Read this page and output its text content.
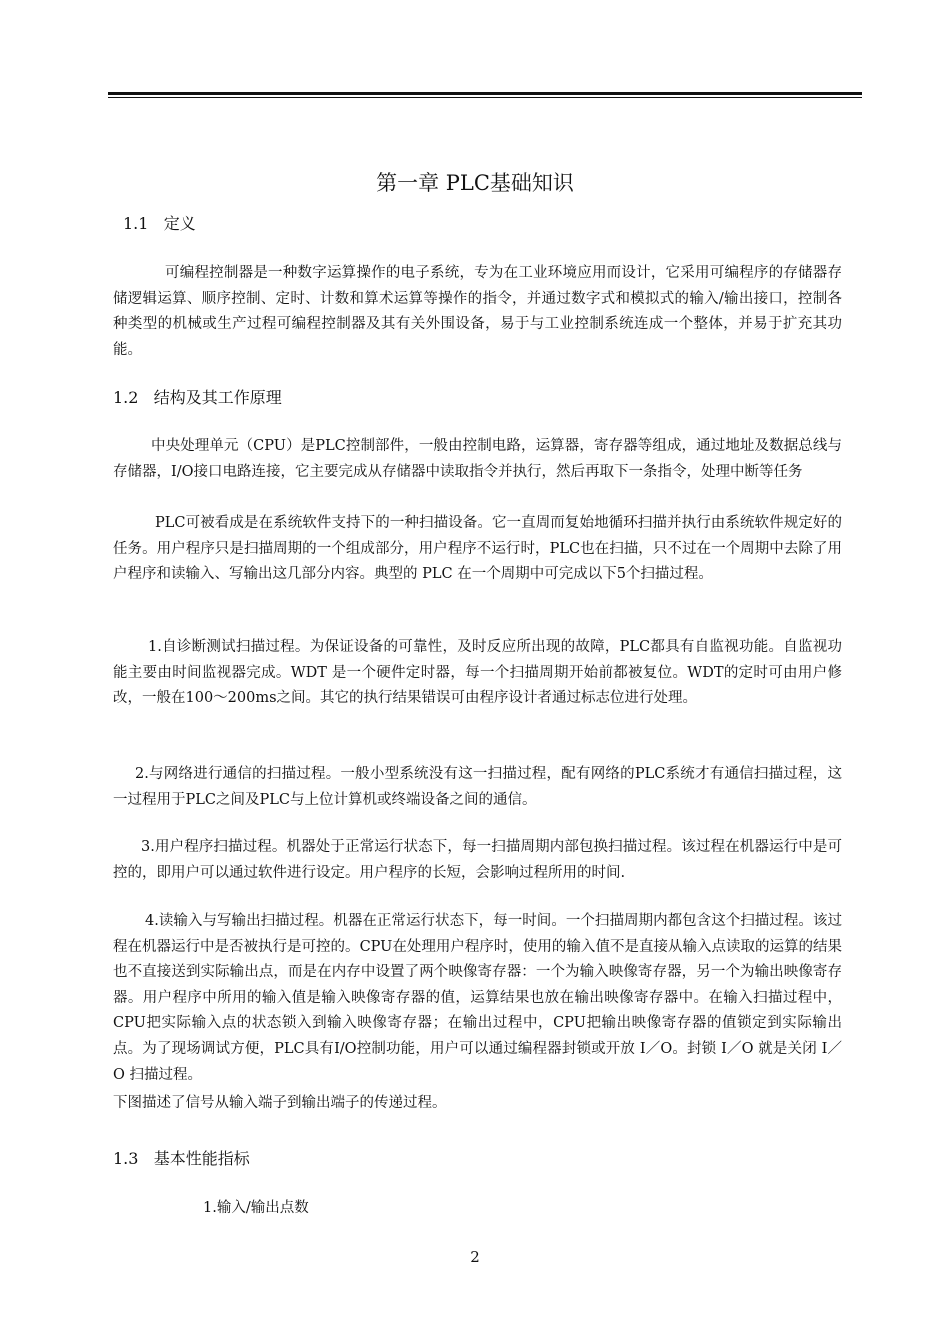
第一章 PLC基础知识
1.1   定义

可编程控制器是一种数字运算操作的电子系统，专为在工业环境应用而设计，它采用可编程序的存储器存储逻辑运算、顺序控制、定时、计数和算术运算等操作的指令，并通过数字式和模拟式的输入/输出接口，控制各种类型的机械或生产过程可编程控制器及其有关外围设备，易于与工业控制系统连成一个整体，并易于扩充其功能。

1.2   结构及其工作原理

中央处理单元（CPU）是PLC控制部件，一般由控制电路，运算器，寄存器等组成，通过地址及数据总线与存储器，I/O接口电路连接，它主要完成从存储器中读取指令并执行，然后再取下一条指令，处理中断等任务

PLC可被看成是在系统软件支持下的一种扫描设备。它一直周而复始地循环扫描并执行由系统软件规定好的任务。用户程序只是扫描周期的一个组成部分，用户程序不运行时，PLC也在扫描，只不过在一个周期中去除了用户程序和读输入、写输出这几部分内容。典型的 PLC 在一个周期中可完成以下5个扫描过程。

1.自诊断测试扫描过程。为保证设备的可靠性，及时反应所出现的故障，PLC都具有自监视功能。自监视功能主要由时间监视器完成。WDT 是一个硬件定时器，每一个扫描周期开始前都被复位。WDT的定时可由用户修改，一般在100～200ms之间。其它的执行结果错误可由程序设计者通过标志位进行处理。

2.与网络进行通信的扫描过程。一般小型系统没有这一扫描过程，配有网络的PLC系统才有通信扫描过程，这一过程用于PLC之间及PLC与上位计算机或终端设备之间的通信。

3.用户程序扫描过程。机器处于正常运行状态下，每一扫描周期内部包换扫描过程。该过程在机器运行中是可控的，即用户可以通过软件进行设定。用户程序的长短，会影响过程所用的时间.

4.读输入与写输出扫描过程。机器在正常运行状态下，每一时间。一个扫描周期内都包含这个扫描过程。该过程在机器运行中是否被执行是可控的。CPU在处理用户程序时，使用的输入值不是直接从输入点读取的运算的结果也不直接送到实际输出点，而是在内存中设置了两个映像寄存器：一个为输入映像寄存器，另一个为输出映像寄存器。用户程序中所用的输入值是输入映像寄存器的值，运算结果也放在输出映像寄存器中。在输入扫描过程中，CPU把实际输入点的状态锁入到输入映像寄存器；在输出过程中，CPU把输出映像寄存器的值锁定到实际输出点。为了现场调试方便，PLC具有I/O控制功能，用户可以通过编程器封锁或开放 I／O。封锁 I／O 就是关闭 I／O 扫描过程。

下图描述了信号从输入端子到输出端子的传递过程。
1.3   基本性能指标
1.输入/输出点数
2
